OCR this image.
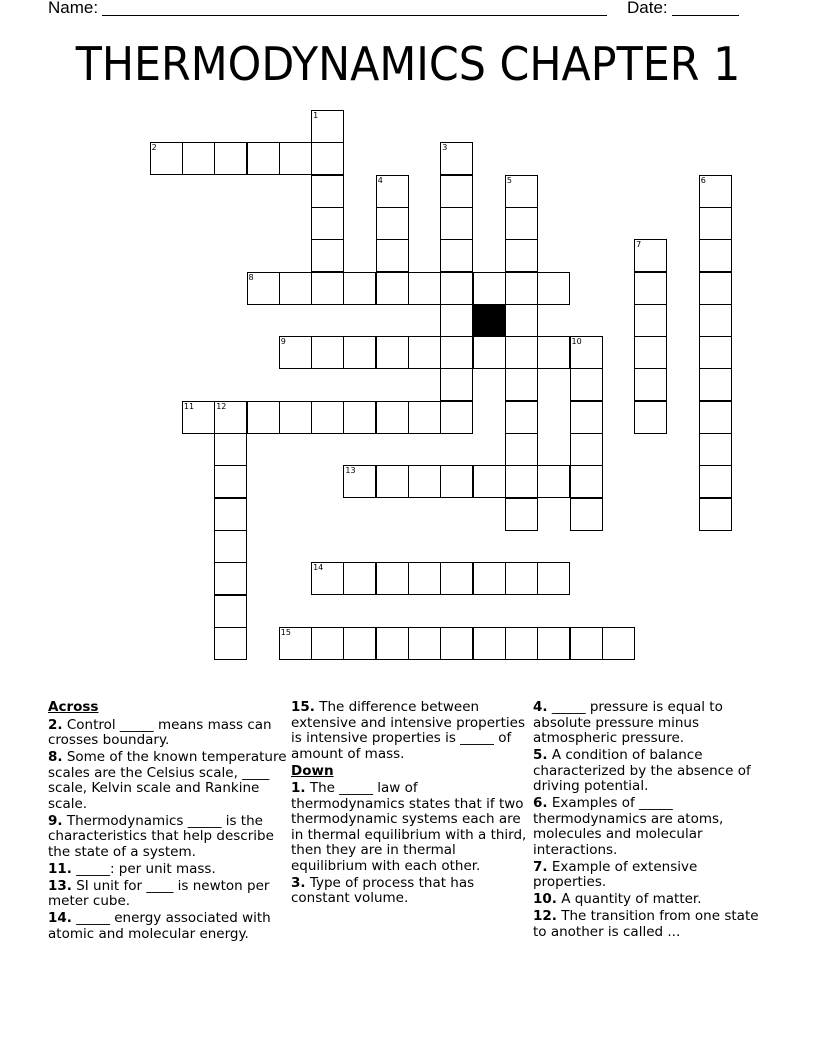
Name:	Date:
THERMODYNAMICS CHAPTER 1
2
8
9	10
11	12
13
14
15
1
3
4	5	6
7
Across
2. Control _____ means mass can crosses boundary.
8. Some of the known temperature scales are the Celsius scale, ____ scale, Kelvin scale and Rankine scale.
9. Thermodynamics _____ is the characteristics that help describe the state of a system.
11. _____: per unit mass.
13. SI unit for ____ is newton per meter cube.
14. _____ energy associated with atomic and molecular energy.
15. The difference between extensive and intensive properties is intensive properties is _____ of amount of mass.
Down
1. The _____ law of thermodynamics states that if two thermodynamic systems each are in thermal equilibrium with a third, then they are in thermal equilibrium with each other.
3. Type of process that has constant volume.
4. _____ pressure is equal to absolute pressure minus atmospheric pressure.
5. A condition of balance characterized by the absence of driving potential.
6. Examples of _____ thermodynamics are atoms, molecules and molecular interactions.
7. Example of extensive properties.
10. A quantity of matter.
12. The transition from one state to another is called ...
